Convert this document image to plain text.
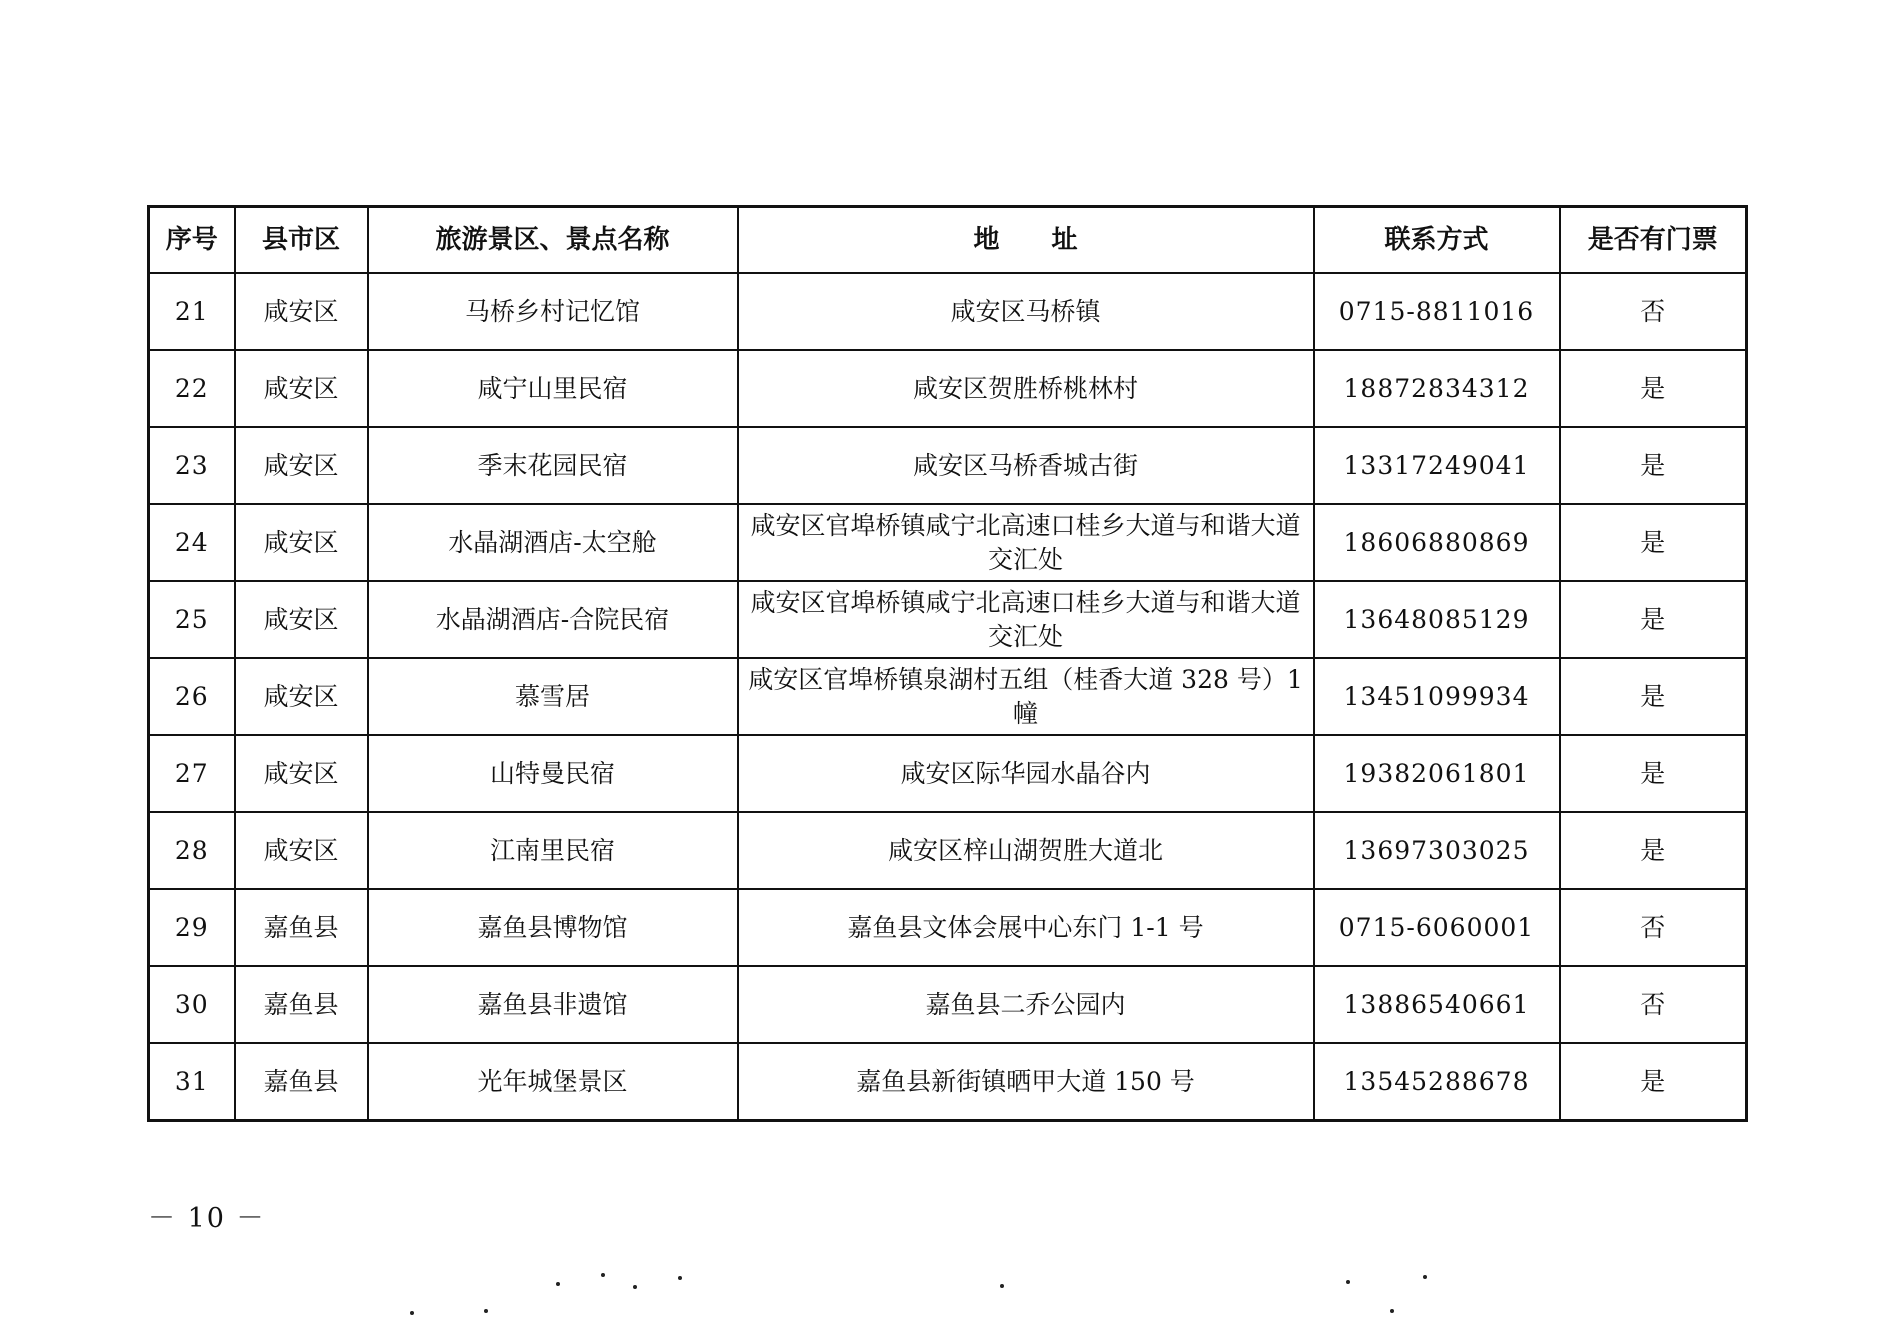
序号	县市区	旅游景区、景点名称	地　　址	联系方式	是否有门票
21	咸安区	马桥乡村记忆馆	咸安区马桥镇	0715-8811016	否
22	咸安区	咸宁山里民宿	咸安区贺胜桥桃林村	18872834312	是
23	咸安区	季末花园民宿	咸安区马桥香城古街	13317249041	是
24	咸安区	水晶湖酒店-太空舱	咸安区官埠桥镇咸宁北高速口桂乡大道与和谐大道交汇处	18606880869	是
25	咸安区	水晶湖酒店-合院民宿	咸安区官埠桥镇咸宁北高速口桂乡大道与和谐大道交汇处	13648085129	是
26	咸安区	慕雪居	咸安区官埠桥镇泉湖村五组（桂香大道 328 号）1 幢	13451099934	是
27	咸安区	山特曼民宿	咸安区际华园水晶谷内	19382061801	是
28	咸安区	江南里民宿	咸安区梓山湖贺胜大道北	13697303025	是
29	嘉鱼县	嘉鱼县博物馆	嘉鱼县文体会展中心东门 1-1 号	0715-6060001	否
30	嘉鱼县	嘉鱼县非遗馆	嘉鱼县二乔公园内	13886540661	否
31	嘉鱼县	光年城堡景区	嘉鱼县新街镇晒甲大道 150 号	13545288678	是
－ 10 －
